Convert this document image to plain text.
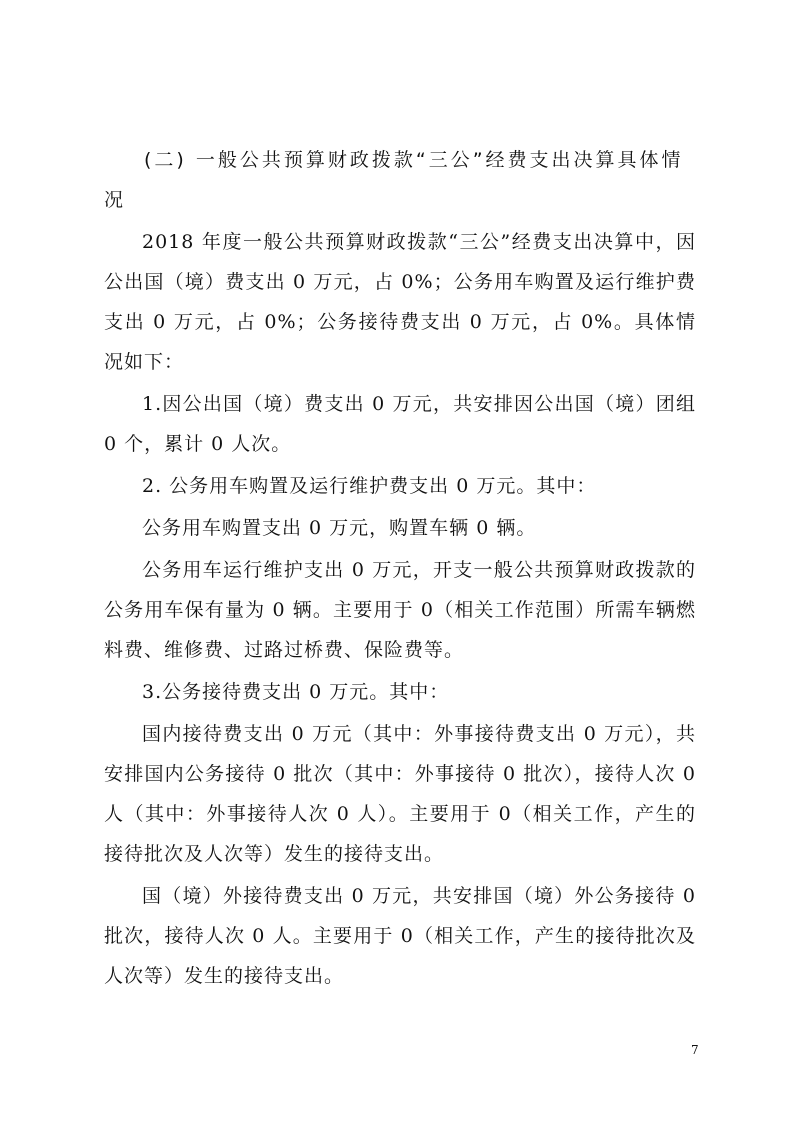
(二) 一般公共预算财政拨款“三公”经费支出决算具体情况

2018 年度一般公共预算财政拨款“三公”经费支出决算中，因公出国（境）费支出 0 万元，占 0%；公务用车购置及运行维护费支出 0 万元，占 0%；公务接待费支出 0 万元，占 0%。具体情况如下：

1.因公出国（境）费支出 0 万元，共安排因公出国（境）团组 0 个，累计 0 人次。

2. 公务用车购置及运行维护费支出 0 万元。其中：

公务用车购置支出 0 万元，购置车辆 0 辆。

公务用车运行维护支出 0 万元，开支一般公共预算财政拨款的公务用车保有量为 0 辆。主要用于 0（相关工作范围）所需车辆燃料费、维修费、过路过桥费、保险费等。

3.公务接待费支出 0 万元。其中：

国内接待费支出 0 万元（其中：外事接待费支出 0 万元），共安排国内公务接待 0 批次（其中：外事接待 0 批次），接待人次 0 人（其中：外事接待人次 0 人）。主要用于 0（相关工作，产生的接待批次及人次等）发生的接待支出。

国（境）外接待费支出 0 万元，共安排国（境）外公务接待 0 批次，接待人次 0 人。主要用于 0（相关工作，产生的接待批次及人次等）发生的接待支出。

7
